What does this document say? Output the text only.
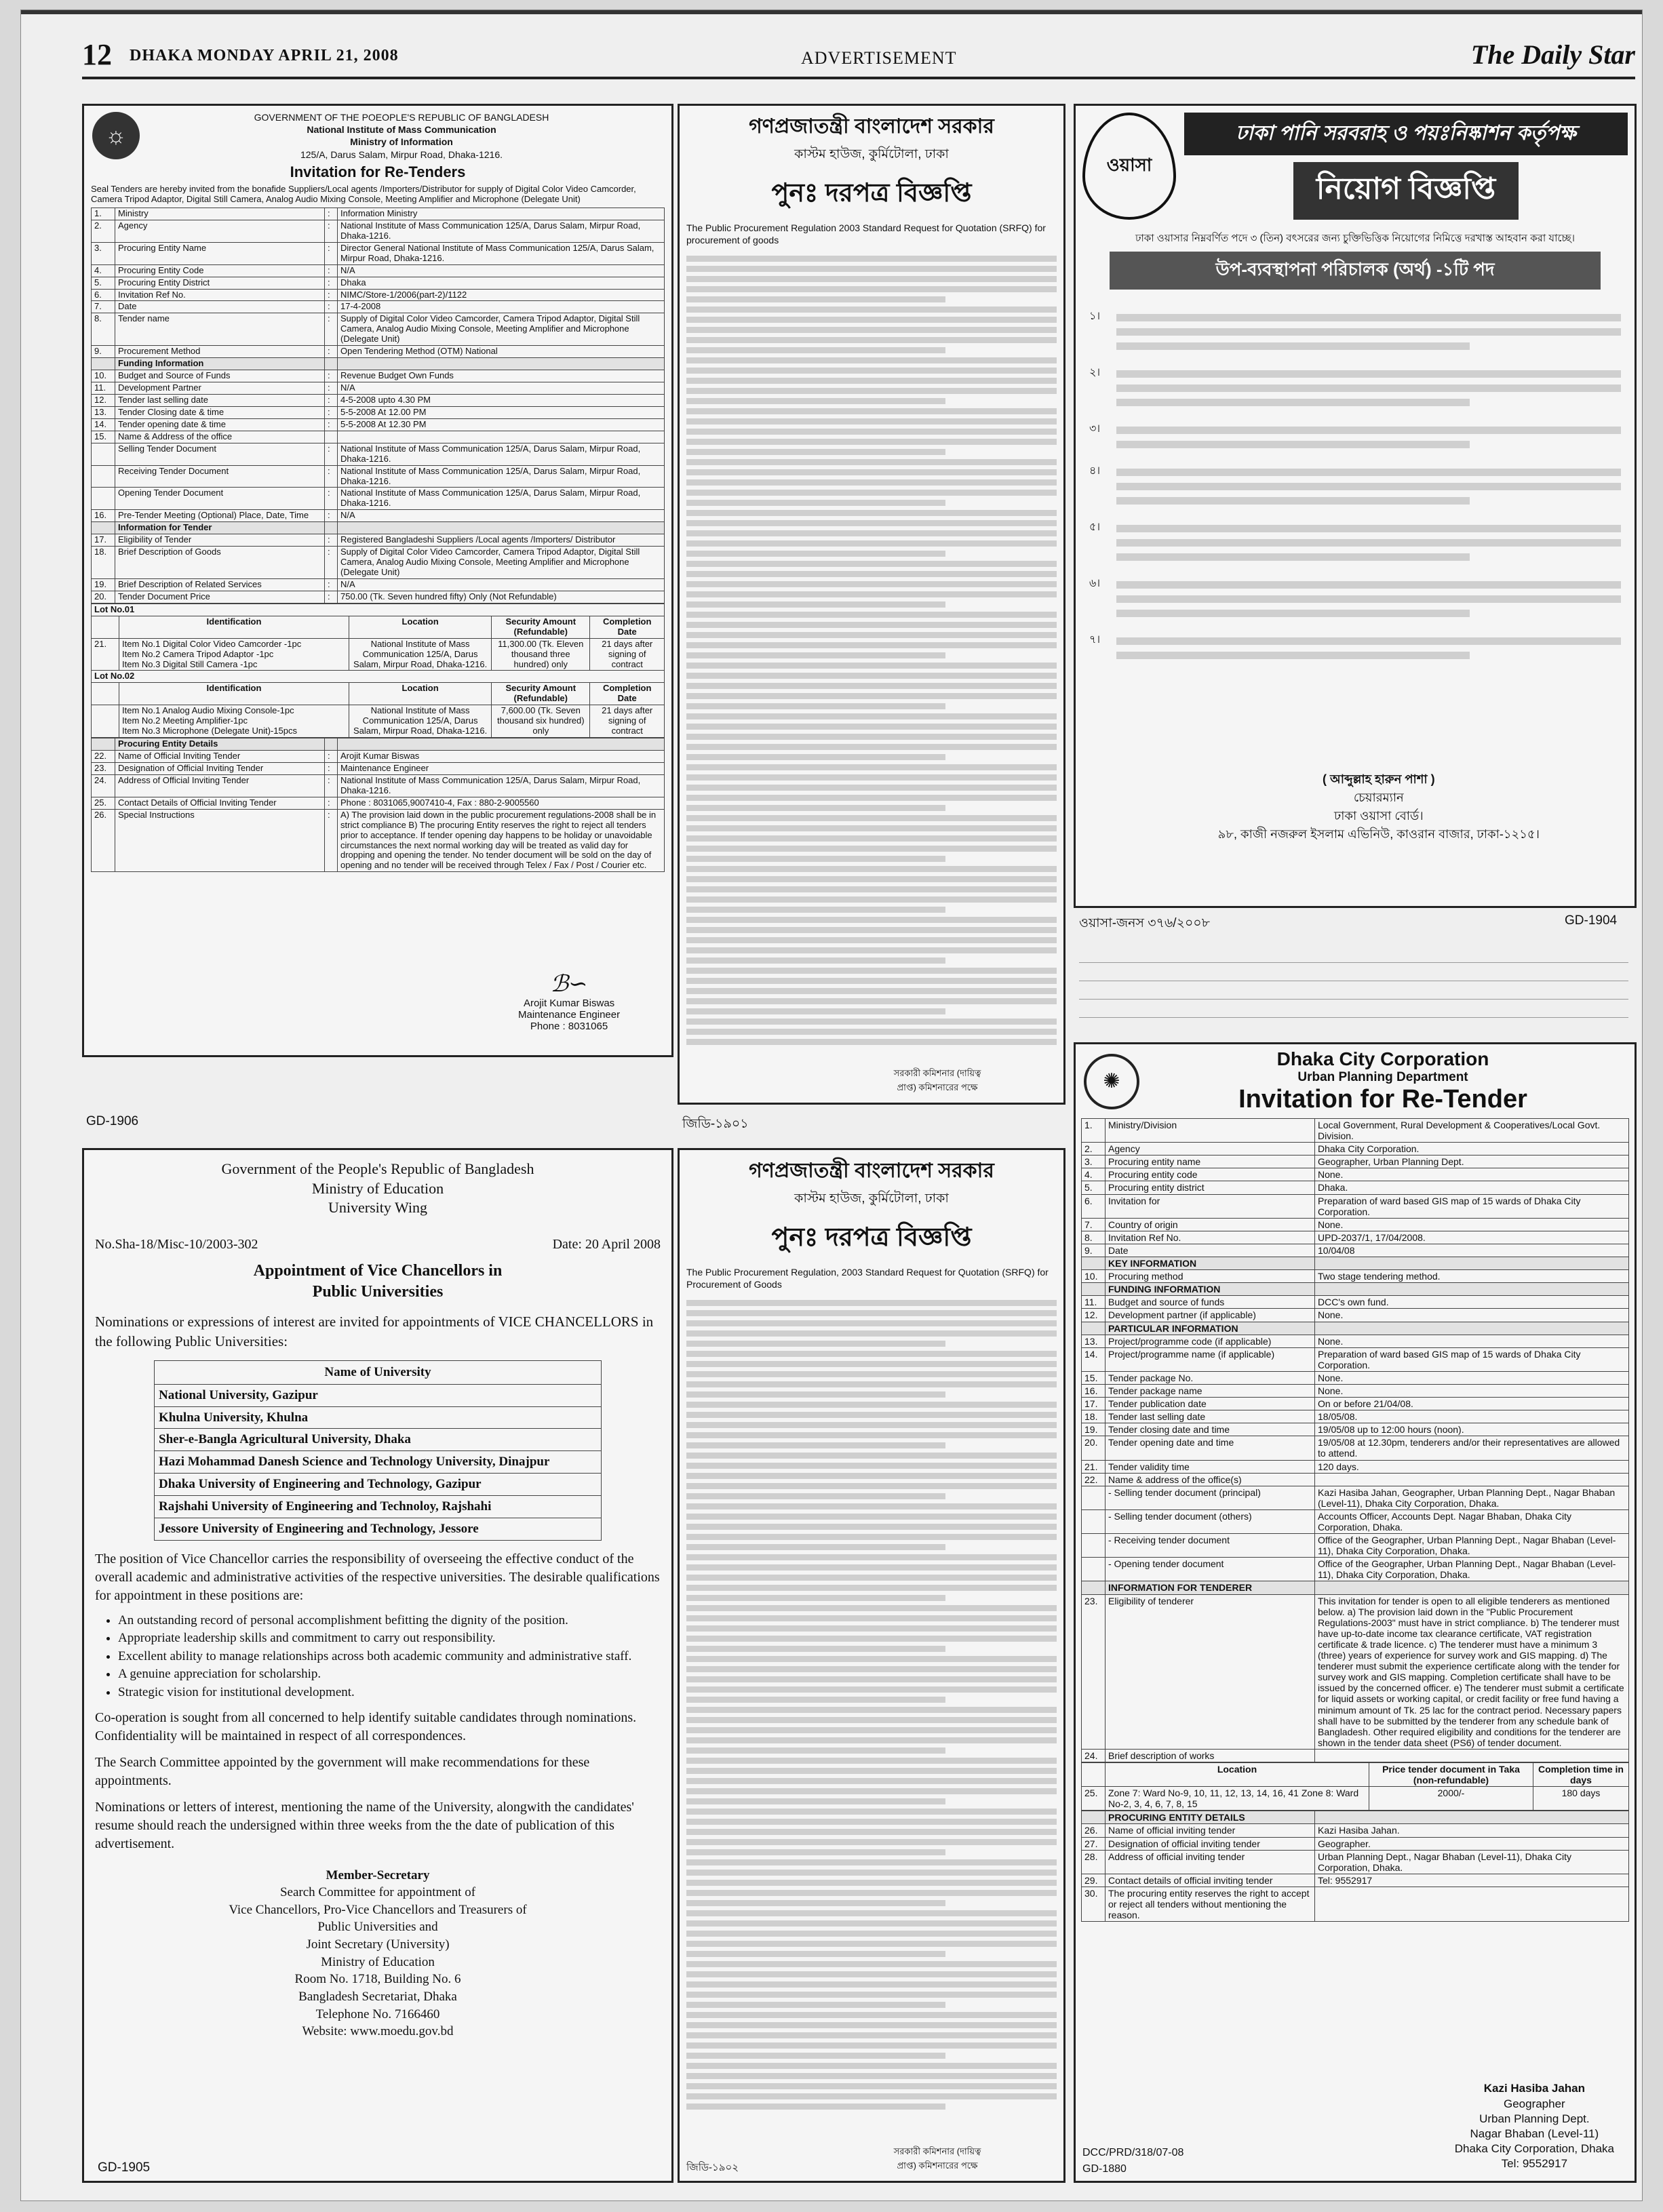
12 DHAKA MONDAY APRIL 21, 2008	ADVERTISEMENT	The Daily Star
☼
GOVERNMENT OF THE POEOPLE'S REPUBLIC OF BANGLADESH
National Institute of Mass Communication
Ministry of Information
125/A, Darus Salam, Mirpur Road, Dhaka-1216.
Invitation for Re-Tenders
Seal Tenders are hereby invited from the bonafide Suppliers/Local agents /Importers/Distributor for supply of Digital Color Video Camcorder, Camera Tripod Adaptor, Digital Still Camera, Analog Audio Mixing Console, Meeting Amplifier and Microphone (Delegate Unit)
1.	Ministry	:	Information Ministry
2.	Agency	:	National Institute of Mass Communication 125/A, Darus Salam, Mirpur Road, Dhaka-1216.
3.	Procuring Entity Name	:	Director General National Institute of Mass Communication 125/A, Darus Salam, Mirpur Road, Dhaka-1216.
4.	Procuring Entity Code	:	N/A
5.	Procuring Entity District	:	Dhaka
6.	Invitation Ref No.	:	NIMC/Store-1/2006(part-2)/1122
7.	Date	:	17-4-2008
8.	Tender name	:	Supply of Digital Color Video Camcorder, Camera Tripod Adaptor, Digital Still Camera, Analog Audio Mixing Console, Meeting Amplifier and Microphone (Delegate Unit)
9.	Procurement Method	:	Open Tendering Method (OTM) National
	Funding Information		
10.	Budget and Source of Funds	:	Revenue Budget Own Funds
11.	Development Partner	:	N/A
12.	Tender last selling date	:	4-5-2008 upto 4.30 PM
13.	Tender Closing date & time	:	5-5-2008 At 12.00 PM
14.	Tender opening date & time	:	5-5-2008 At 12.30 PM
15.	Name & Address of the office		
	Selling Tender Document	:	National Institute of Mass Communication 125/A, Darus Salam, Mirpur Road, Dhaka-1216.
	Receiving Tender Document	:	National Institute of Mass Communication 125/A, Darus Salam, Mirpur Road, Dhaka-1216.
	Opening Tender Document	:	National Institute of Mass Communication 125/A, Darus Salam, Mirpur Road, Dhaka-1216.
16.	Pre-Tender Meeting (Optional) Place, Date, Time	:	N/A
	Information for Tender		
17.	Eligibility of Tender	:	Registered Bangladeshi Suppliers /Local agents /Importers/ Distributor
18.	Brief Description of Goods	:	Supply of Digital Color Video Camcorder, Camera Tripod Adaptor, Digital Still Camera, Analog Audio Mixing Console, Meeting Amplifier and Microphone (Delegate Unit)
19.	Brief Description of Related Services	:	N/A
20.	Tender Document Price	:	750.00 (Tk. Seven hundred fifty) Only (Not Refundable)
Lot No.01				
	Identification	Location	Security Amount (Refundable)	Completion Date
21.	Item No.1 Digital Color Video Camcorder -1pc
Item No.2 Camera Tripod Adaptor -1pc
Item No.3 Digital Still Camera -1pc	National Institute of Mass Communication 125/A, Darus Salam, Mirpur Road, Dhaka-1216.	11,300.00 (Tk. Eleven thousand three hundred) only	21 days after signing of contract
Lot No.02				
	Identification	Location	Security Amount (Refundable)	Completion Date

	Item No.1 Analog Audio Mixing Console-1pc
Item No.2 Meeting Amplifier-1pc
Item No.3 Microphone (Delegate Unit)-15pcs	National Institute of Mass Communication 125/A, Darus Salam, Mirpur Road, Dhaka-1216.	7,600.00 (Tk. Seven thousand six hundred) only	21 days after signing of contract
	Procuring Entity Details		
22.	Name of Official Inviting Tender	:	Arojit Kumar Biswas
23.	Designation of Official Inviting Tender	:	Maintenance Engineer
24.	Address of Official Inviting Tender	:	National Institute of Mass Communication 125/A, Darus Salam, Mirpur Road, Dhaka-1216.
25.	Contact Details of Official Inviting Tender	:	Phone : 8031065,9007410-4, Fax : 880-2-9005560
26.	Special Instructions	:	A) The provision laid down in the public procurement regulations-2008 shall be in strict compliance B) The procuring Entity reserves the right to reject all tenders prior to acceptance. If tender opening day happens to be holiday or unavoidable circumstances the next normal working day will be treated as valid day for dropping and opening the tender. No tender document will be sold on the day of opening and no tender will be received through Telex / Fax / Post / Courier etc.
ℬ∽
Arojit Kumar Biswas
Maintenance Engineer
Phone : 8031065
GD-1906
গণপ্রজাতন্ত্রী বাংলাদেশ সরকার
কাস্টম হাউজ, কুর্মিটোলা, ঢাকা
পুনঃ দরপত্র বিজ্ঞপ্তি
The Public Procurement Regulation 2003 Standard Request for Quotation (SRFQ) for procurement of goods
সরকারী কমিশনার (দায়িত্ব প্রাপ্ত) কমিশনারের পক্ষে
জিডি-১৯০১
ওয়াসা
ঢাকা পানি সরবরাহ ও পয়ঃনিষ্কাশন কর্তৃপক্ষ
নিয়োগ বিজ্ঞপ্তি
ঢাকা ওয়াসার নিম্নবর্ণিত পদে ৩ (তিন) বৎসরের জন্য চুক্তিভিত্তিক নিয়োগের নিমিত্তে দরখাস্ত আহবান করা যাচ্ছে।
উপ-ব্যবস্থাপনা পরিচালক (অর্থ) -১টি পদ
১।
২।
৩।
৪।
৫।
৬।
৭।
( আব্দুল্লাহ হারুন পাশা )
চেয়ারম্যান
ঢাকা ওয়াসা বোর্ড।
৯৮, কাজী নজরুল ইসলাম এভিনিউ, কাওরান বাজার, ঢাকা-১২১৫।
ওয়াসা-জনস ৩৭৬/২০০৮	GD-1904
Government of the People's Republic of Bangladesh
Ministry of Education
University Wing
No.Sha-18/Misc-10/2003-302	Date: 20 April 2008
Appointment of Vice Chancellors in Public Universities
Nominations or expressions of interest are invited for appointments of VICE CHANCELLORS in the following Public Universities:
Name of University
National University, Gazipur
Khulna University, Khulna
Sher-e-Bangla Agricultural University, Dhaka
Hazi Mohammad Danesh Science and Technology University, Dinajpur
Dhaka University of Engineering and Technology, Gazipur
Rajshahi University of Engineering and Technoloy, Rajshahi
Jessore University of Engineering and Technology, Jessore
The position of Vice Chancellor carries the responsibility of overseeing the effective conduct of the overall academic and administrative activities of the respective universities. The desirable qualifications for appointment in these positions are:
• An outstanding record of personal accomplishment befitting the dignity of the position.
• Appropriate leadership skills and commitment to carry out responsibility.
• Excellent ability to manage relationships across both academic community and administrative staff.
• A genuine appreciation for scholarship.
• Strategic vision for institutional development.
Co-operation is sought from all concerned to help identify suitable candidates through nominations. Confidentiality will be maintained in respect of all correspondences.
The Search Committee appointed by the government will make recommendations for these appointments.
Nominations or letters of interest, mentioning the name of the University, alongwith the candidates' resume should reach the undersigned within three weeks from the the date of publication of this advertisement.
Member-Secretary
Search Committee for appointment of
Vice Chancellors, Pro-Vice Chancellors and Treasurers of
Public Universities and
Joint Secretary (University)
Ministry of Education
Room No. 1718, Building No. 6
Bangladesh Secretariat, Dhaka
Telephone No. 7166460
Website: www.moedu.gov.bd
GD-1905
গণপ্রজাতন্ত্রী বাংলাদেশ সরকার
কাস্টম হাউজ, কুর্মিটোলা, ঢাকা
পুনঃ দরপত্র বিজ্ঞপ্তি
The Public Procurement Regulation, 2003 Standard Request for Quotation (SRFQ) for Procurement of Goods
সরকারী কমিশনার (দায়িত্ব প্রাপ্ত) কমিশনারের পক্ষে
জিডি-১৯০২
✺
Dhaka City Corporation
Urban Planning Department
Invitation for Re-Tender
1.	Ministry/Division	Local Government, Rural Development & Cooperatives/Local Govt. Division.
2.	Agency	Dhaka City Corporation.
3.	Procuring entity name	Geographer, Urban Planning Dept.
4.	Procuring entity code	None.
5.	Procuring entity district	Dhaka.
6.	Invitation for	Preparation of ward based GIS map of 15 wards of Dhaka City Corporation.
7.	Country of origin	None.
8.	Invitation Ref No.	UPD-2037/1, 17/04/2008.
9.	Date	10/04/08
	KEY INFORMATION	
10.	Procuring method	Two stage tendering method.
	FUNDING INFORMATION	
11.	Budget and source of funds	DCC's own fund.
12.	Development partner (if applicable)	None.
	PARTICULAR INFORMATION	
13.	Project/programme code (if applicable)	None.
14.	Project/programme name (if applicable)	Preparation of ward based GIS map of 15 wards of Dhaka City Corporation.
15.	Tender package No.	None.
16.	Tender package name	None.
17.	Tender publication date	On or before 21/04/08.
18.	Tender last selling date	18/05/08.
19.	Tender closing date and time	19/05/08 up to 12:00 hours (noon).
20.	Tender opening date and time	19/05/08 at 12.30pm, tenderers and/or their representatives are allowed to attend.
21.	Tender validity time	120 days.
22.	Name & address of the office(s)	
	- Selling tender document (principal)	Kazi Hasiba Jahan, Geographer, Urban Planning Dept., Nagar Bhaban (Level-11), Dhaka City Corporation, Dhaka.
	- Selling tender document (others)	Accounts Officer, Accounts Dept. Nagar Bhaban, Dhaka City Corporation, Dhaka.
	- Receiving tender document	Office of the Geographer, Urban Planning Dept., Nagar Bhaban (Level-11), Dhaka City Corporation, Dhaka.
	- Opening tender document	Office of the Geographer, Urban Planning Dept., Nagar Bhaban (Level-11), Dhaka City Corporation, Dhaka.
	INFORMATION FOR TENDERER	
23.	Eligibility of tenderer	This invitation for tender is open to all eligible tenderers as mentioned below. a) The provision laid down in the "Public Procurement Regulations-2003" must have in strict compliance. b) The tenderer must have up-to-date income tax clearance certificate, VAT registration certificate & trade licence. c) The tenderer must have a minimum 3 (three) years of experience for survey work and GIS mapping. d) The tenderer must submit the experience certificate along with the tender for survey work and GIS mapping. Completion certificate shall have to be issued by the concerned officer. e) The tenderer must submit a certificate for liquid assets or working capital, or credit facility or free fund having a minimum amount of Tk. 25 lac for the contract period. Necessary papers shall have to be submitted by the tenderer from any schedule bank of Bangladesh. Other required eligibility and conditions for the tenderer are shown in the tender data sheet (PS6) of tender document.
24.	Brief description of works	
	Location	Price tender document in Taka (non-refundable)	Completion time in days
25.	Zone 7: Ward No-9, 10, 11, 12, 13, 14, 16, 41 Zone 8: Ward No-2, 3, 4, 6, 7, 8, 15	2000/-	180 days
	PROCURING ENTITY DETAILS	
26.	Name of official inviting tender	Kazi Hasiba Jahan.
27.	Designation of official inviting tender	Geographer.
28.	Address of official inviting tender	Urban Planning Dept., Nagar Bhaban (Level-11), Dhaka City Corporation, Dhaka.
29.	Contact details of official inviting tender	Tel: 9552917
30.	The procuring entity reserves the right to accept or reject all tenders without mentioning the reason.	
Kazi Hasiba Jahan
Geographer
Urban Planning Dept.
Nagar Bhaban (Level-11)
Dhaka City Corporation, Dhaka
Tel: 9552917
DCC/PRD/318/07-08
GD-1880
